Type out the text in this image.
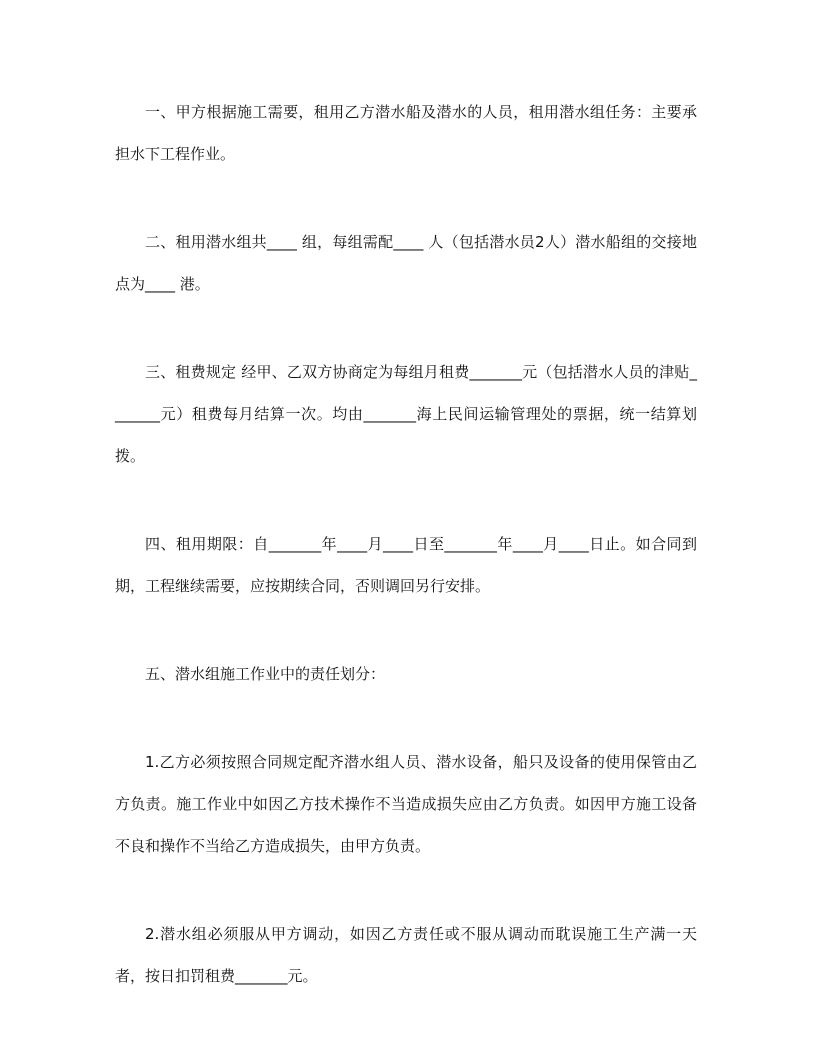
一、甲方根据施工需要，租用乙方潜水船及潜水的人员，租用潜水组任务：主要承担水下工程作业。

二、租用潜水组共____ 组，每组需配____ 人（包括潜水员2人）潜水船组的交接地点为____ 港。

三、租费规定 经甲、乙双方协商定为每组月租费_______元（包括潜水人员的津贴_______元）租费每月结算一次。均由_______海上民间运输管理处的票据，统一结算划拨。

四、租用期限：自_______年____月____日至_______年____月____日止。如合同到期，工程继续需要，应按期续合同，否则调回另行安排。

五、潜水组施工作业中的责任划分：

1.乙方必须按照合同规定配齐潜水组人员、潜水设备，船只及设备的使用保管由乙方负责。施工作业中如因乙方技术操作不当造成损失应由乙方负责。如因甲方施工设备不良和操作不当给乙方造成损失，由甲方负责。

2.潜水组必须服从甲方调动，如因乙方责任或不服从调动而耽误施工生产满一天者，按日扣罚租费_______元。
